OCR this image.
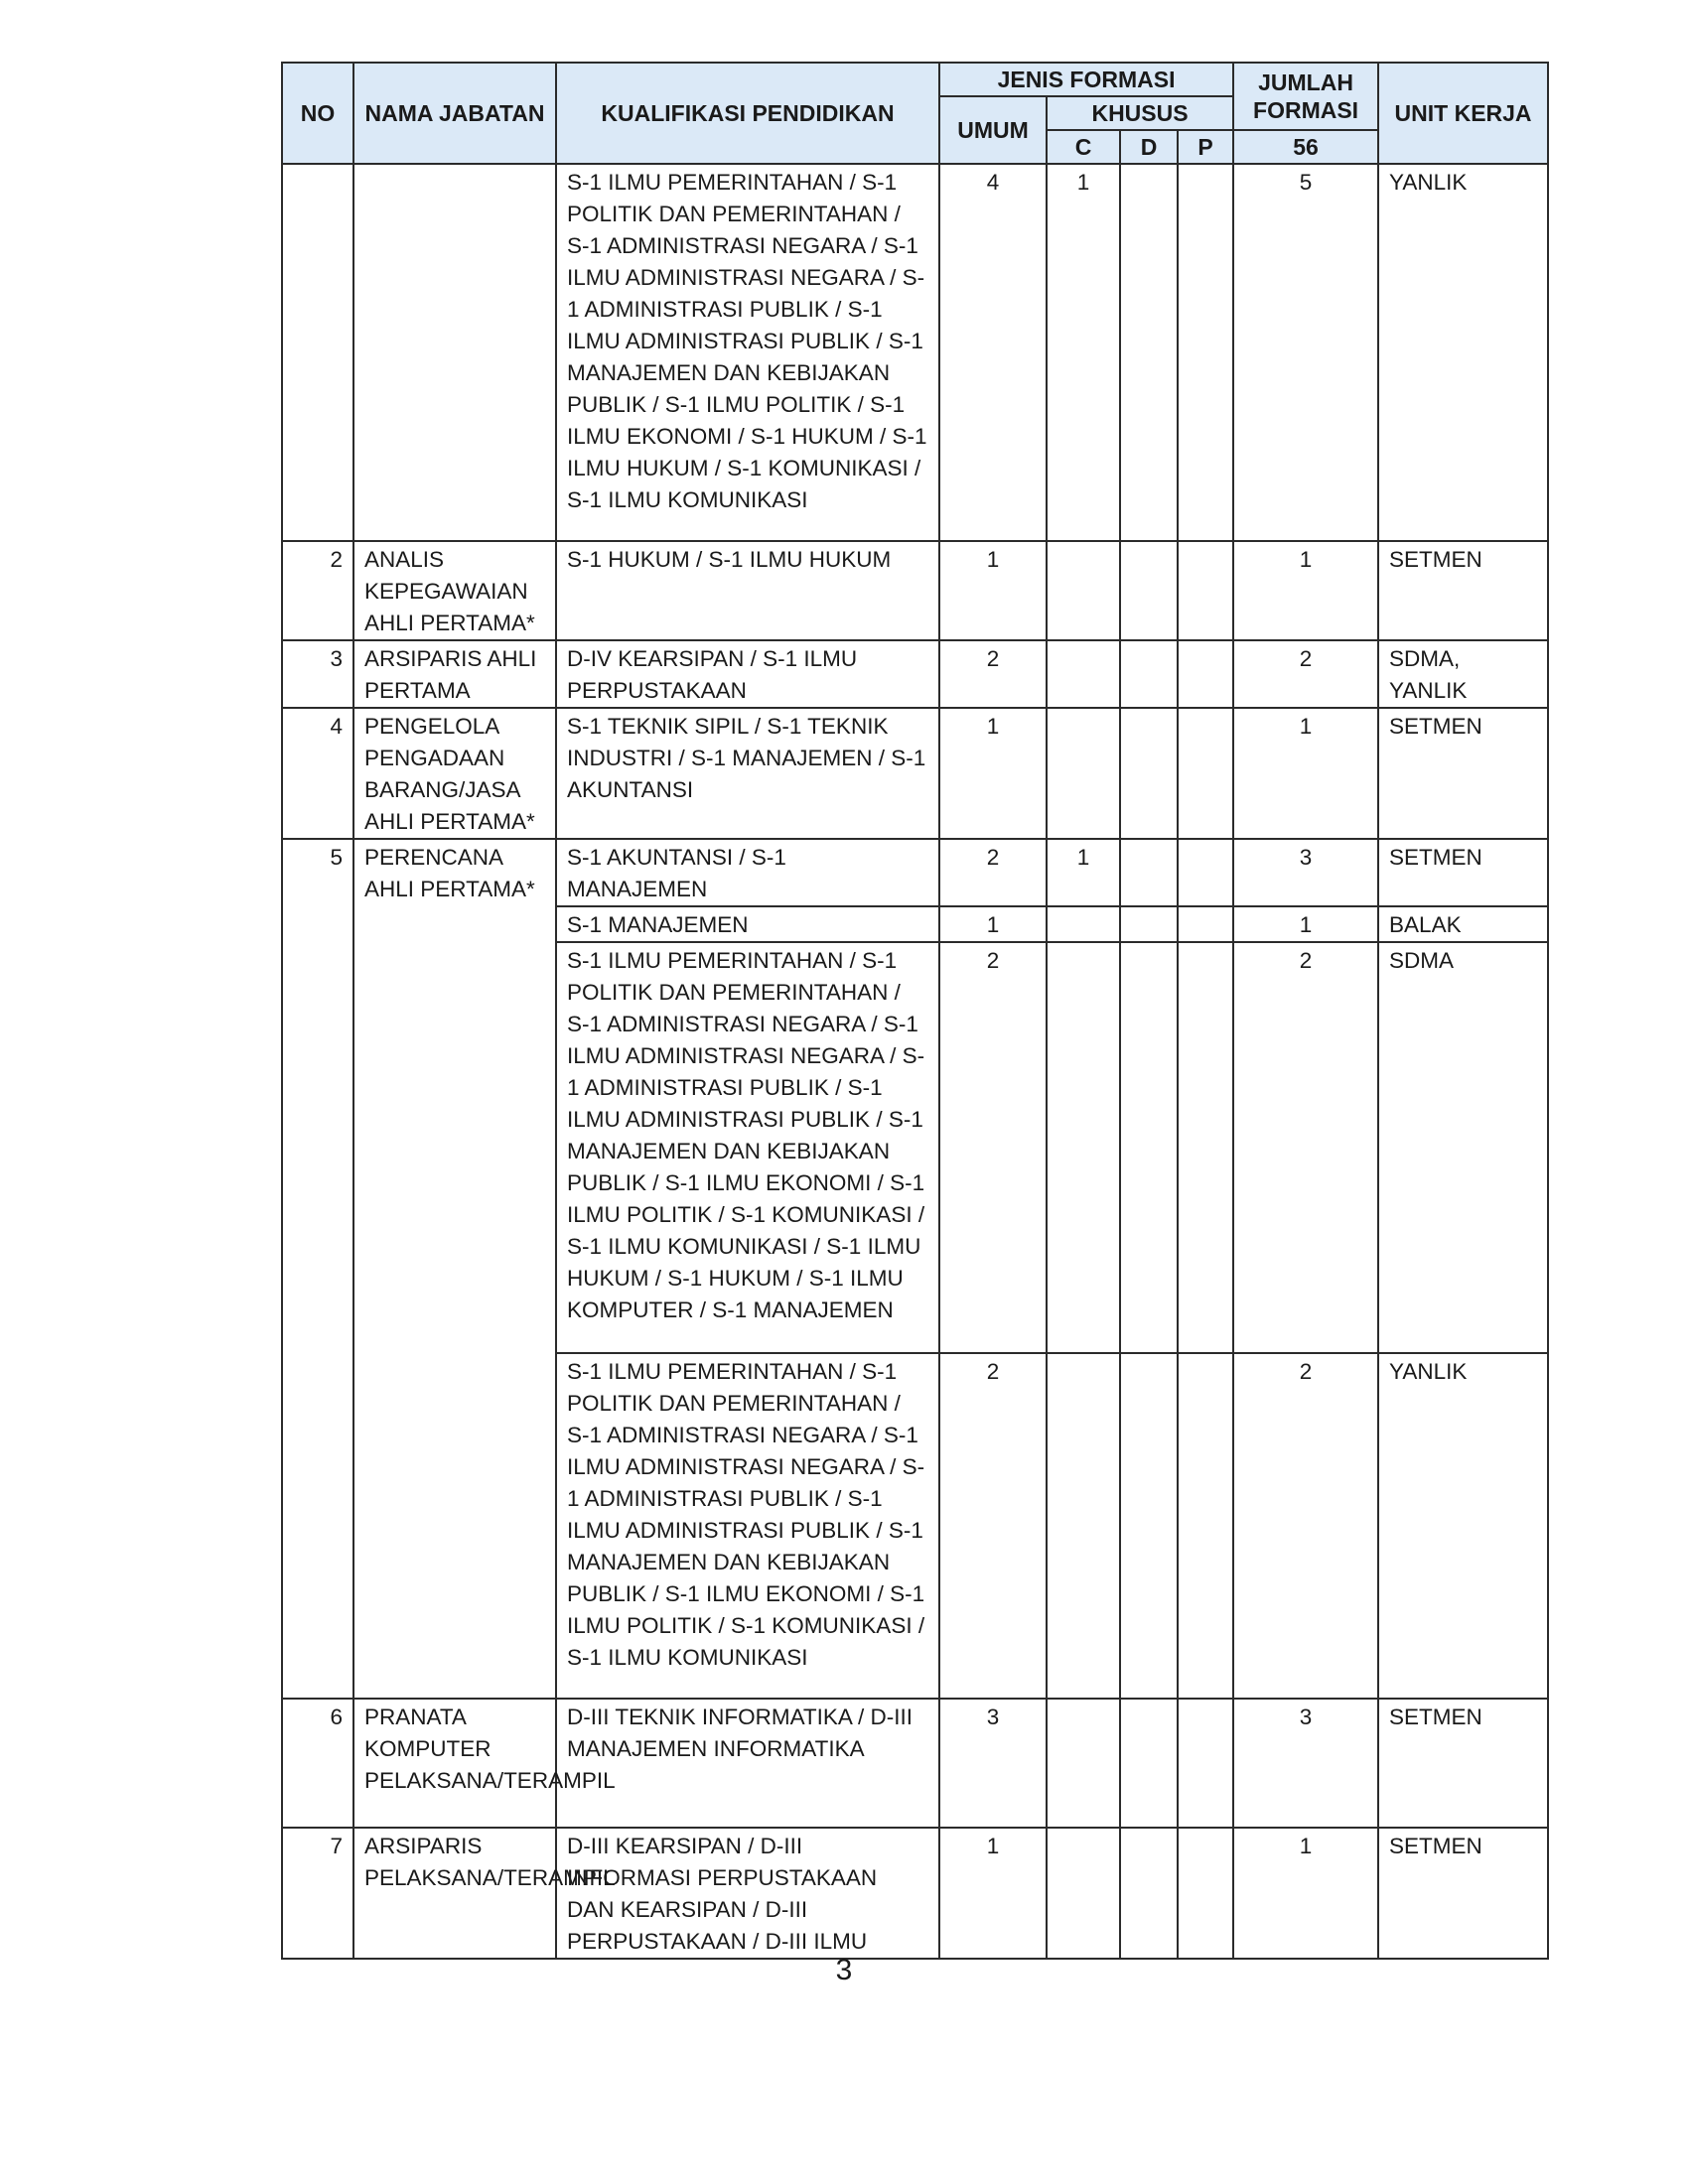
NO	NAMA JABATAN	KUALIFIKASI PENDIDIKAN	JENIS FORMASI				JUMLAH FORMASI	UNIT KERJA
			UMUM	KHUSUS				
				C	D	P	56	
		S-1 ILMU PEMERINTAHAN / S-1 POLITIK DAN PEMERINTAHAN / S-1 ADMINISTRASI NEGARA / S-1 ILMU ADMINISTRASI NEGARA / S-1 ADMINISTRASI PUBLIK / S-1 ILMU ADMINISTRASI PUBLIK / S-1 MANAJEMEN DAN KEBIJAKAN PUBLIK / S-1 ILMU POLITIK / S-1 ILMU EKONOMI / S-1 HUKUM / S-1 ILMU HUKUM / S-1 KOMUNIKASI / S-1 ILMU KOMUNIKASI	4	1			5	YANLIK
2	ANALIS KEPEGAWAIAN AHLI PERTAMA*	S-1 HUKUM / S-1 ILMU HUKUM	1				1	SETMEN
3	ARSIPARIS AHLI PERTAMA	D-IV KEARSIPAN / S-1 ILMU PERPUSTAKAAN	2				2	SDMA, YANLIK
4	PENGELOLA PENGADAAN BARANG/JASA AHLI PERTAMA*	S-1 TEKNIK SIPIL / S-1 TEKNIK INDUSTRI / S-1 MANAJEMEN / S-1 AKUNTANSI	1				1	SETMEN
5	PERENCANA AHLI PERTAMA*	S-1 AKUNTANSI / S-1 MANAJEMEN	2	1			3	SETMEN
		S-1 MANAJEMEN	1				1	BALAK
		S-1 ILMU PEMERINTAHAN / S-1 POLITIK DAN PEMERINTAHAN / S-1 ADMINISTRASI NEGARA / S-1 ILMU ADMINISTRASI NEGARA / S-1 ADMINISTRASI PUBLIK / S-1 ILMU ADMINISTRASI PUBLIK / S-1 MANAJEMEN DAN KEBIJAKAN PUBLIK / S-1 ILMU EKONOMI / S-1 ILMU POLITIK / S-1 KOMUNIKASI / S-1 ILMU KOMUNIKASI / S-1 ILMU HUKUM / S-1 HUKUM / S-1 ILMU KOMPUTER / S-1 MANAJEMEN	2				2	SDMA
		S-1 ILMU PEMERINTAHAN / S-1 POLITIK DAN PEMERINTAHAN / S-1 ADMINISTRASI NEGARA / S-1 ILMU ADMINISTRASI NEGARA / S-1 ADMINISTRASI PUBLIK / S-1 ILMU ADMINISTRASI PUBLIK / S-1 MANAJEMEN DAN KEBIJAKAN PUBLIK / S-1 ILMU EKONOMI / S-1 ILMU POLITIK / S-1 KOMUNIKASI / S-1 ILMU KOMUNIKASI	2				2	YANLIK
6	PRANATA KOMPUTER PELAKSANA/TERAMPIL	D-III TEKNIK INFORMATIKA / D-III MANAJEMEN INFORMATIKA	3				3	SETMEN
7	ARSIPARIS PELAKSANA/TERAMPIL	D-III KEARSIPAN / D-III INFORMASI PERPUSTAKAAN DAN KEARSIPAN / D-III PERPUSTAKAAN / D-III ILMU	1				1	SETMEN
3
